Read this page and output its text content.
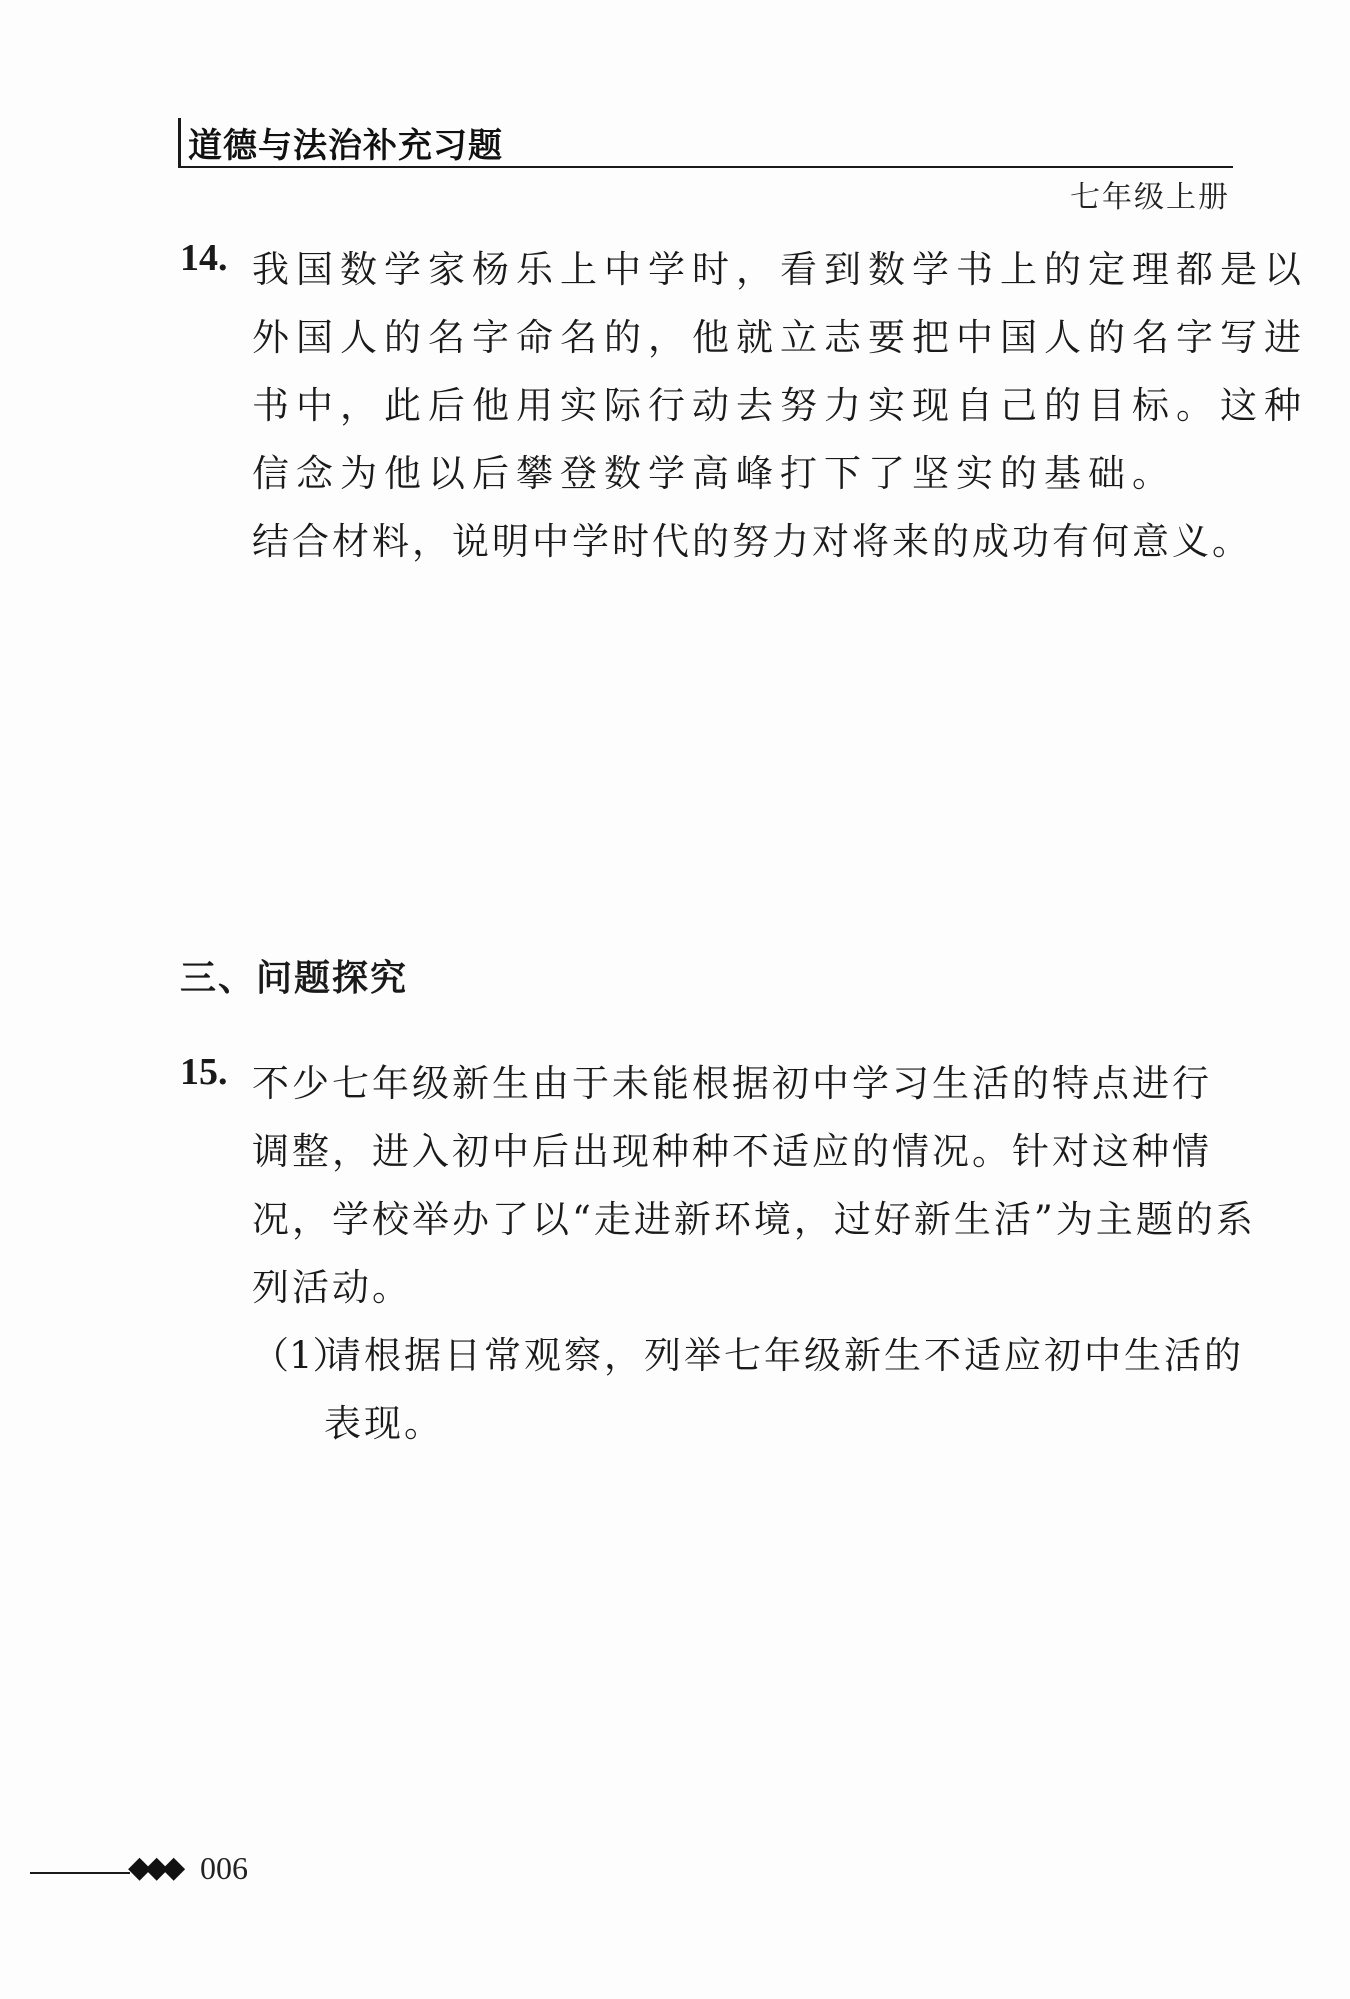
道德与法治补充习题
七年级上册
14. 我国数学家杨乐上中学时，看到数学书上的定理都是以
外国人的名字命名的，他就立志要把中国人的名字写进
书中，此后他用实际行动去努力实现自己的目标。这种
信念为他以后攀登数学高峰打下了坚实的基础。
结合材料，说明中学时代的努力对将来的成功有何意义。
三、问题探究
15. 不少七年级新生由于未能根据初中学习生活的特点进行
调整，进入初中后出现种种不适应的情况。针对这种情
况，学校举办了以“走进新环境，过好新生活”为主题的系
列活动。
（1）
请根据日常观察，列举七年级新生不适应初中生活的
表现。
◆◆◆ 006
